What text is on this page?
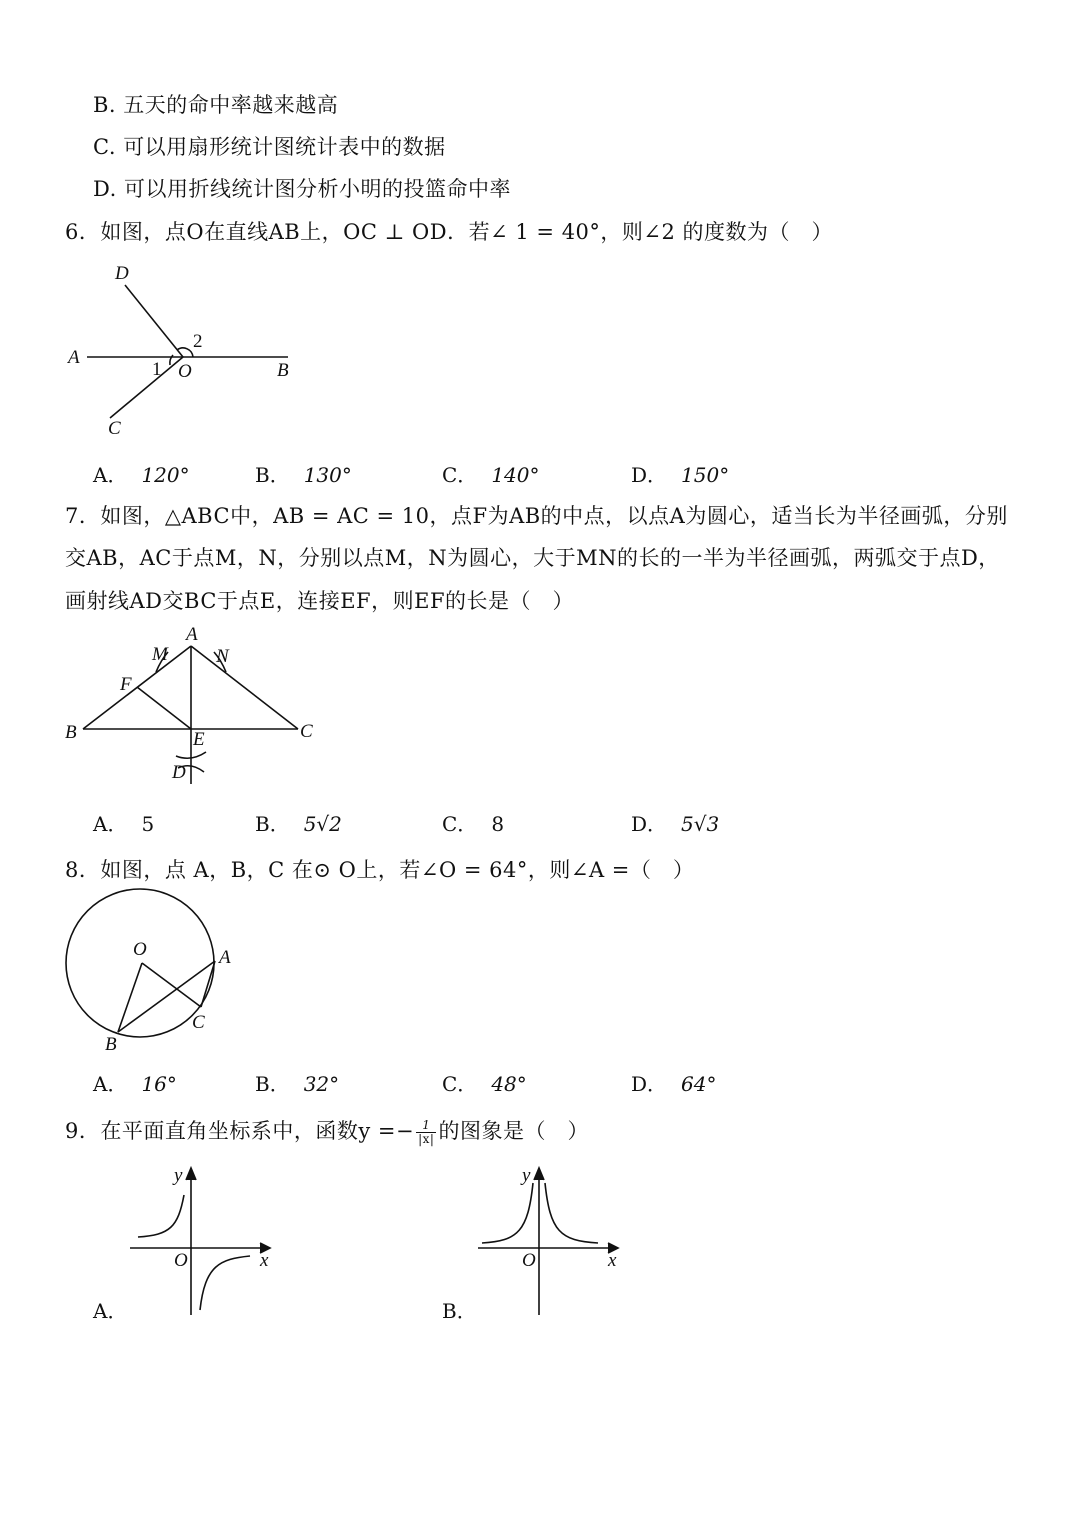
B. 五天的命中率越来越高
C. 可以用扇形统计图统计表中的数据
D. 可以用折线统计图分析小明的投篮命中率
6．如图，点O在直线AB上，OC ⊥ OD．若∠ 1 = 40°，则∠2 的度数为（　）
D
A
O	B
C
1
2
A． 120°	B． 130°	C． 140°	D． 150°
7．如图，△ABC中，AB = AC = 10，点F为AB的中点，以点A为圆心，适当长为半径画弧，分别
交AB，AC于点M，N，分别以点M，N为圆心，大于MN的长的一半为半径画弧，两弧交于点D，
画射线AD交BC于点E，连接EF，则EF的长是（　）
A
M	N
F
B	E	C
D
A． 5	B． 5√2	C． 8	D． 5√3
8．如图，点 A，B，C 在⊙ O上，若∠O = 64°，则∠A =（　）
O	A
B
C
A． 16°	B． 32°	C． 48°	D． 64°
9．在平面直角坐标系中，函数$y =- \frac{1}{|x|}$ 的图象是（　）
y
x
O
A．
y
x
O
B．
